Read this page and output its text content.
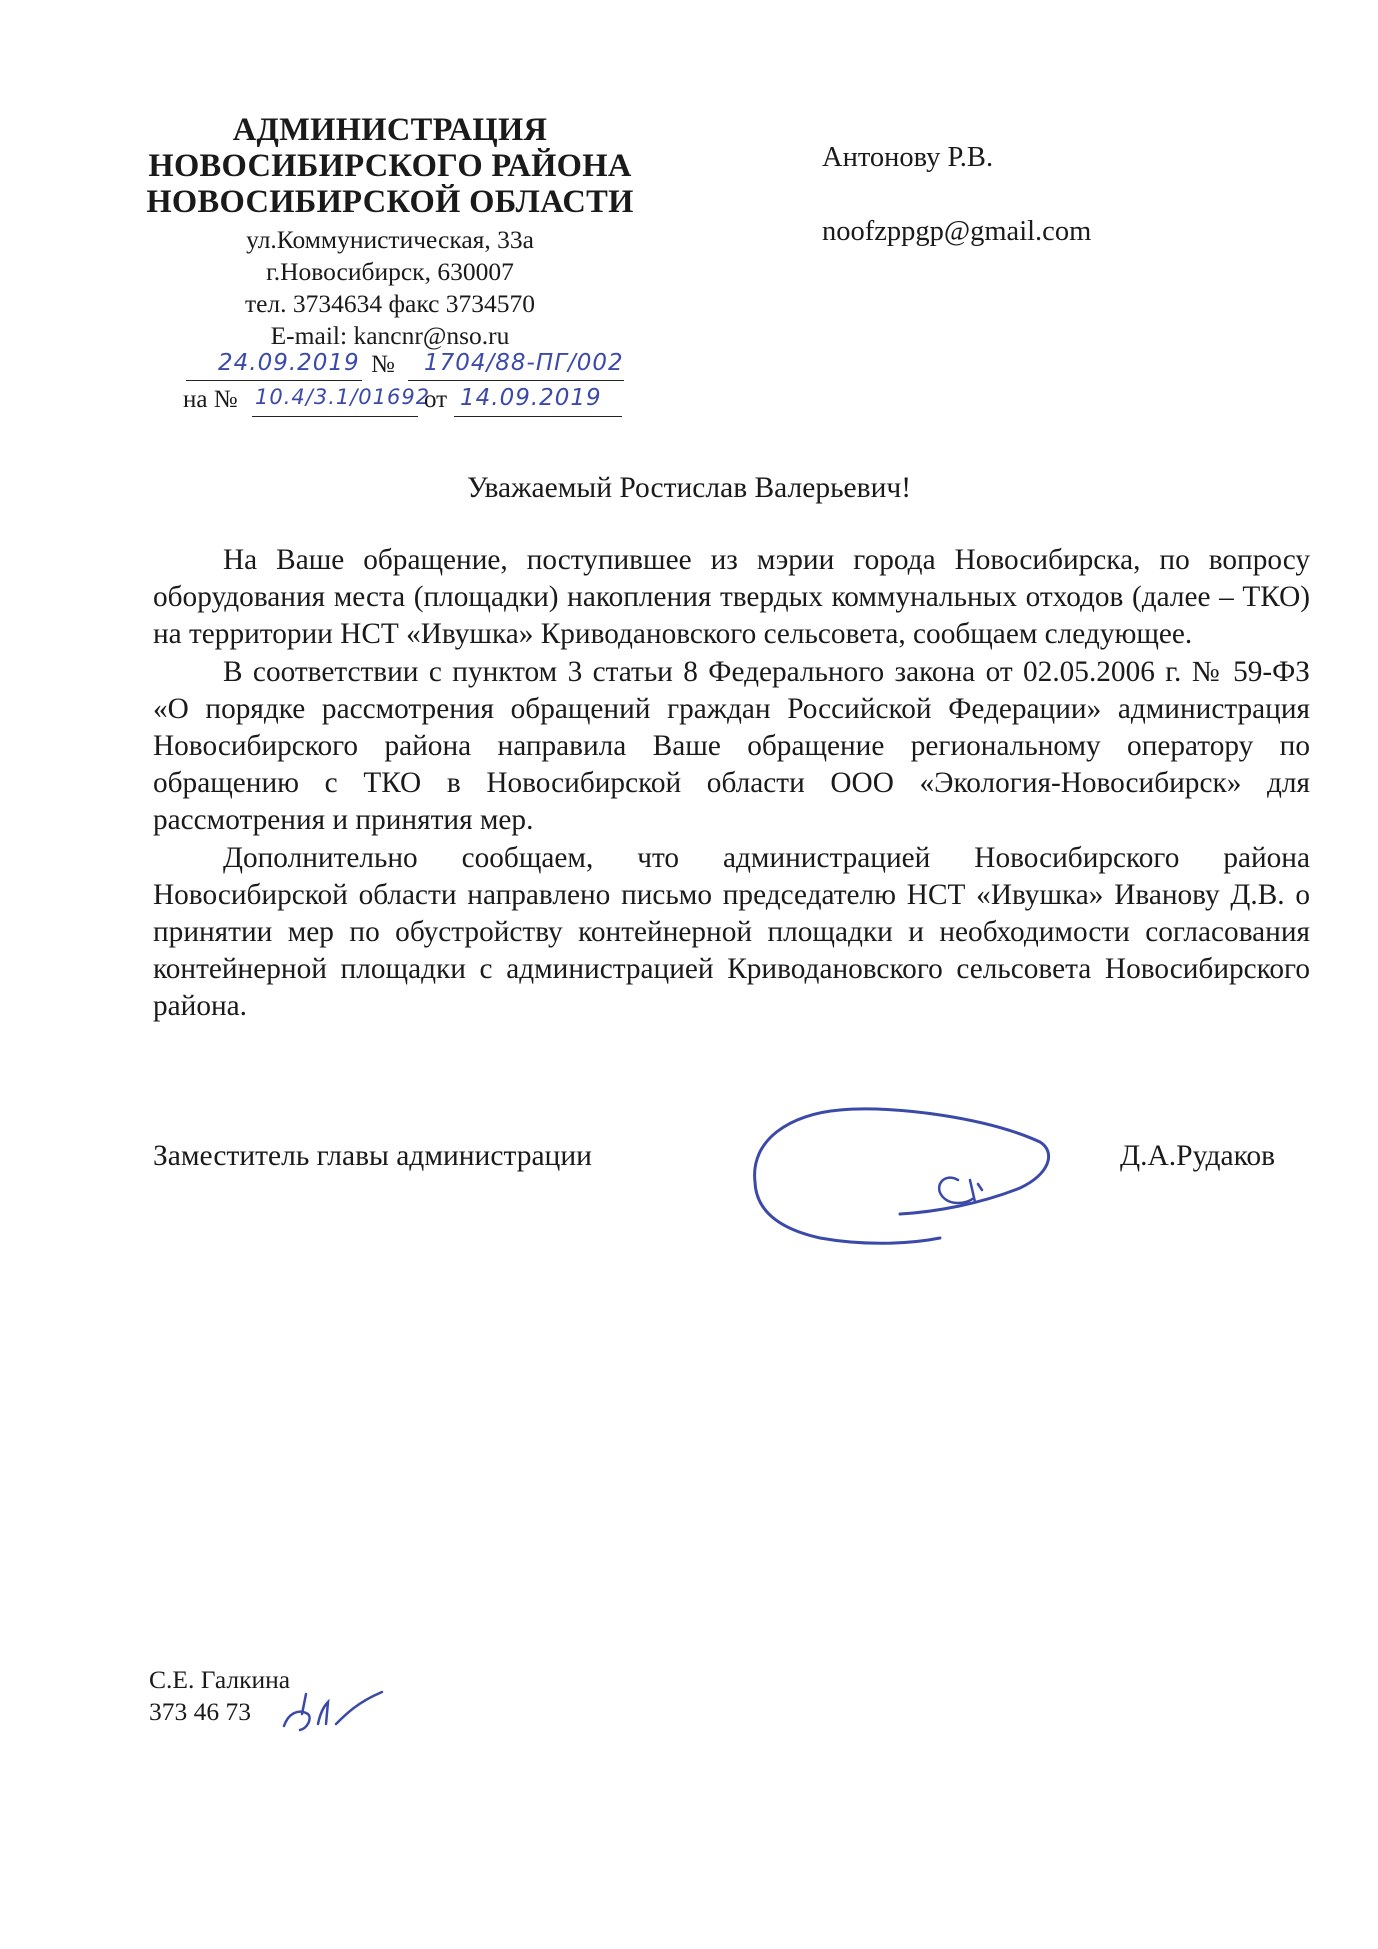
АДМИНИСТРАЦИЯ
НОВОСИБИРСКОГО РАЙОНА
НОВОСИБИРСКОЙ ОБЛАСТИ
ул.Коммунистическая, 33а
г.Новосибирск, 630007
тел. 3734634 факс 3734570
E-mail: kancnr@nso.ru
24.09.2019 № 1704/88-ПГ/002
на № 10.4/3.1/01692
от 14.09.2019
Антонову Р.В.
noofzppgp@gmail.com
Уважаемый Ростислав Валерьевич!

На Ваше обращение, поступившее из мэрии города Новосибирска, по вопросу оборудования места (площадки) накопления твердых коммунальных отходов (далее – ТКО) на территории НСТ «Ивушка» Криводановского сельсовета, сообщаем следующее.

В соответствии с пунктом 3 статьи 8 Федерального закона от 02.05.2006 г. № 59-ФЗ «О порядке рассмотрения обращений граждан Российской Федерации» администрация Новосибирского района направила Ваше обращение региональному оператору по обращению с ТКО в Новосибирской области ООО «Экология-Новосибирск» для рассмотрения и принятия мер.

Дополнительно сообщаем, что администрацией Новосибирского района Новосибирской области направлено письмо председателю НСТ «Ивушка» Иванову Д.В. о принятии мер по обустройству контейнерной площадки и необходимости согласования контейнерной площадки с администрацией Криводановского сельсовета Новосибирского района.

Заместитель главы администрации	Д.А.Рудаков
С.Е. Галкина
373 46 73
